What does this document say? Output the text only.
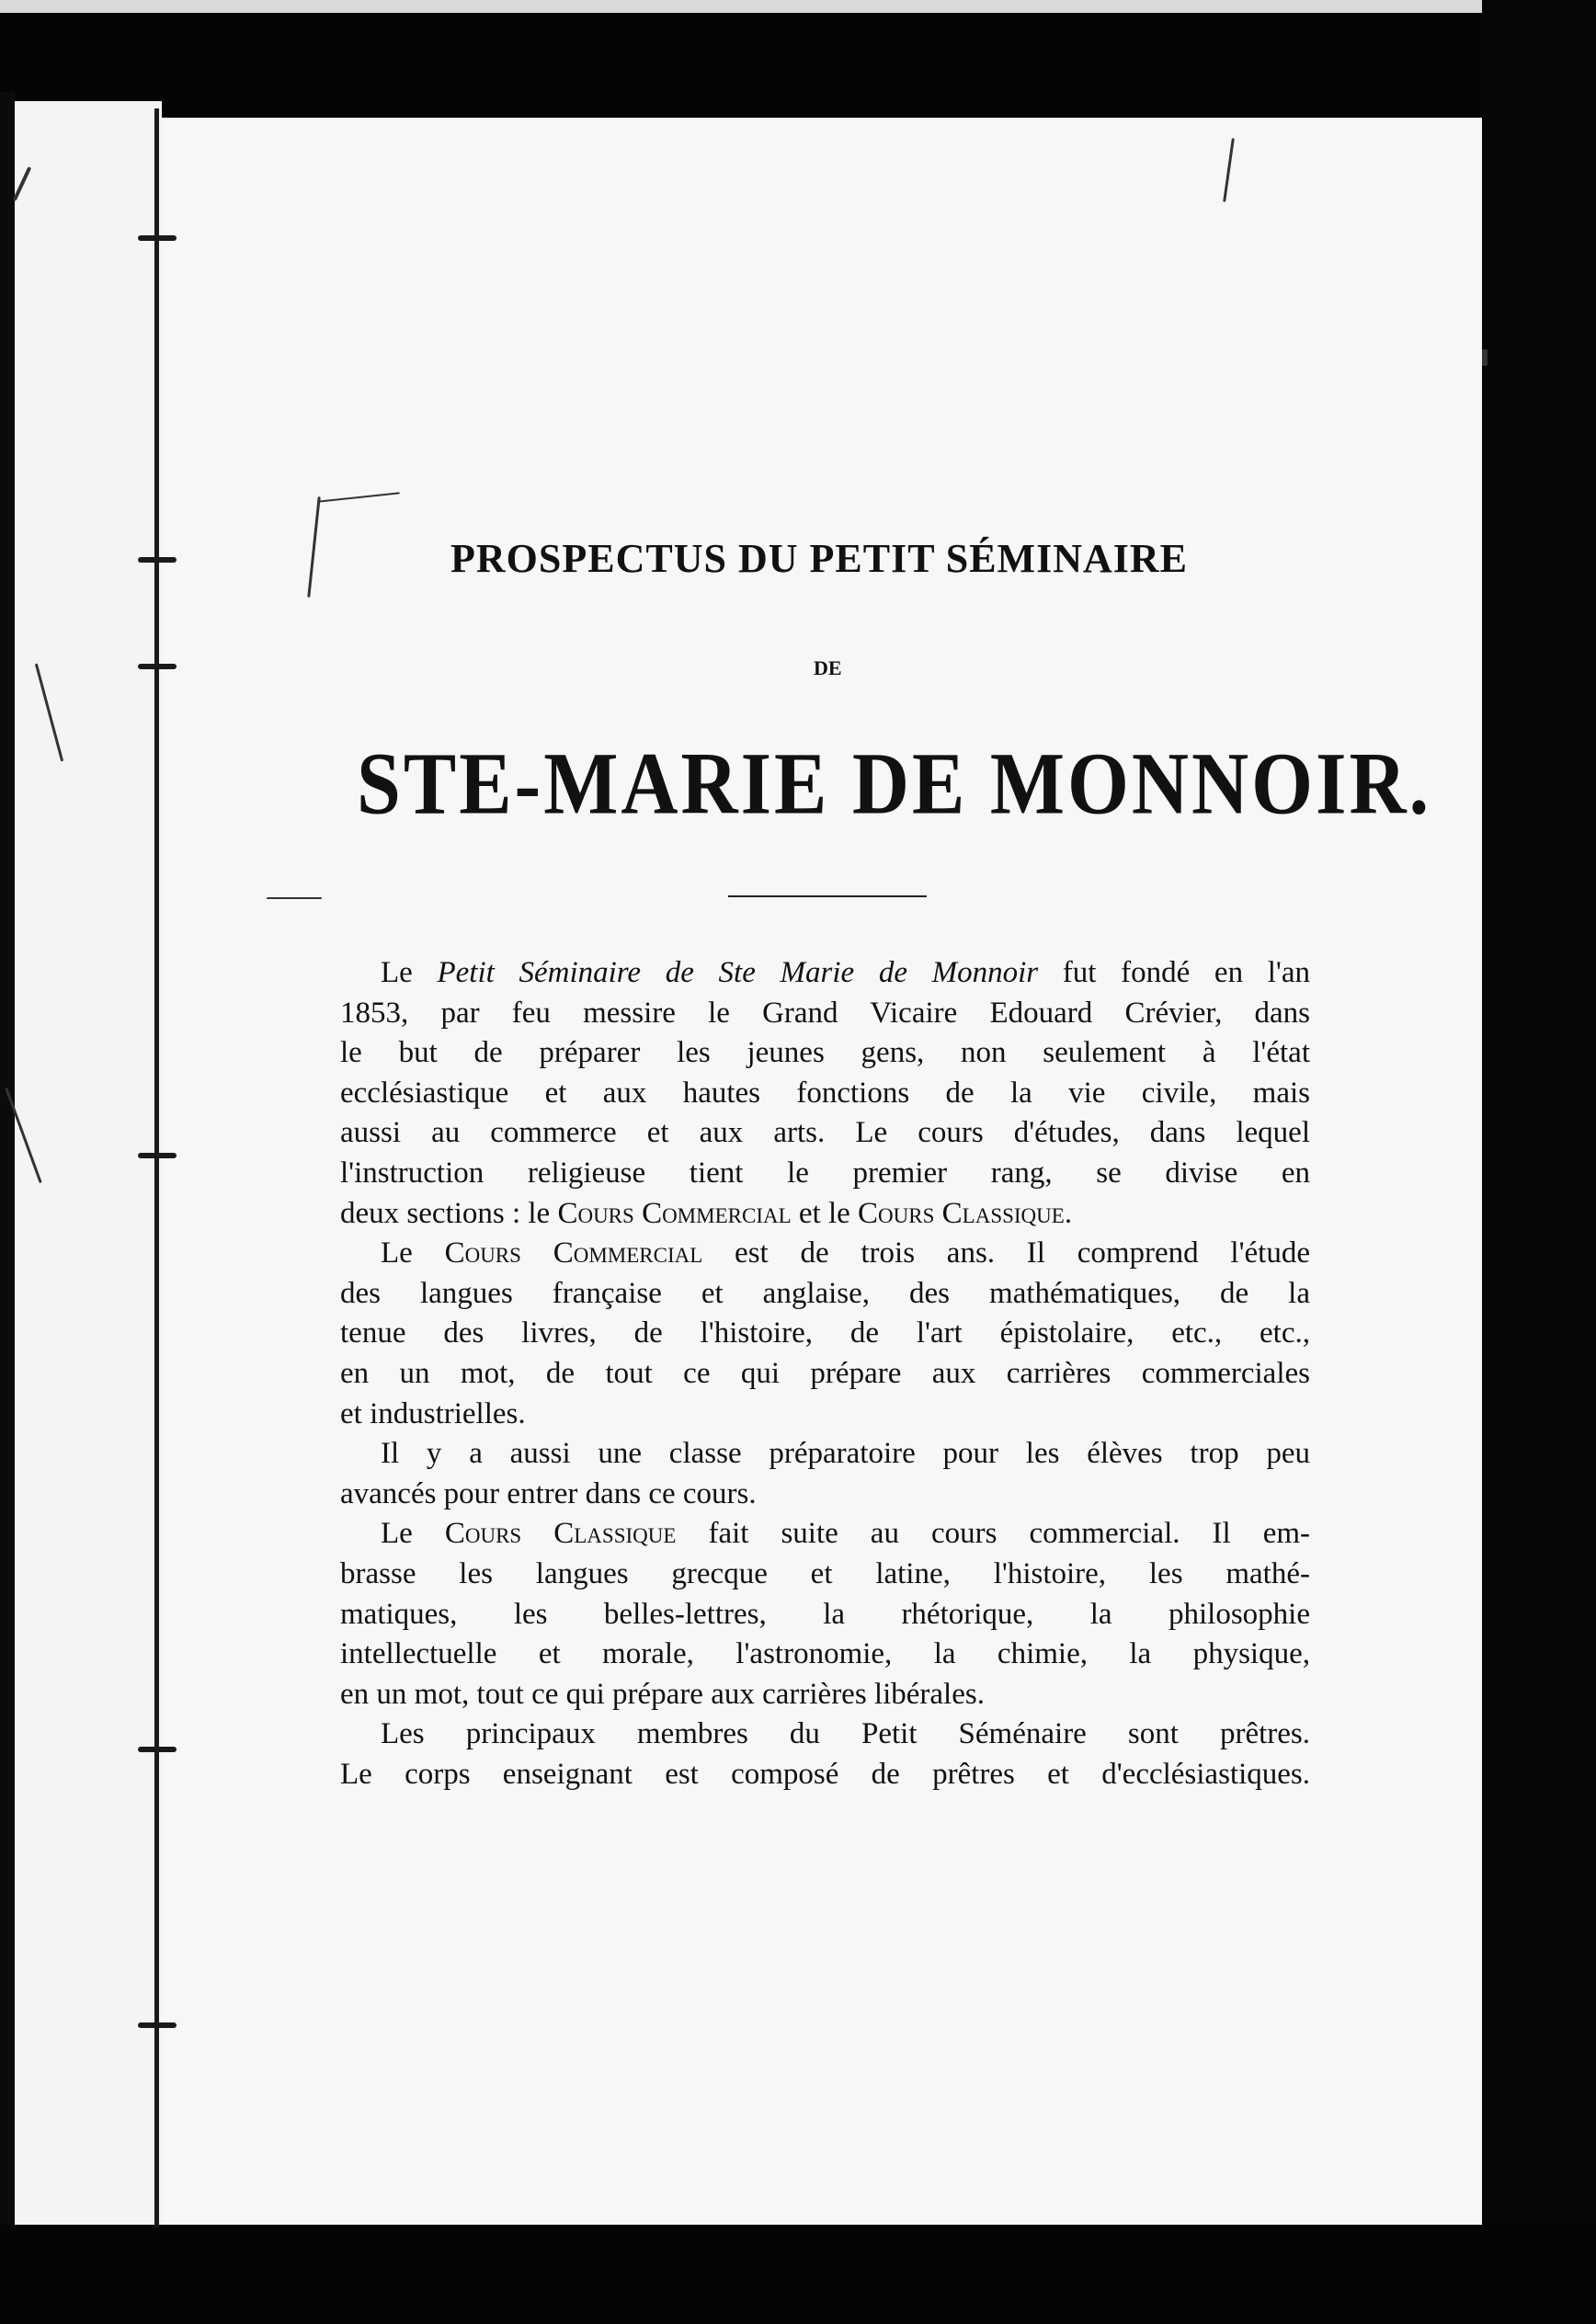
PROSPECTUS DU PETIT SÉMINAIRE
DE
STE-MARIE DE MONNOIR.
Le Petit Séminaire de Ste Marie de Monnoir fut fondé en l'an
1853, par feu messire le Grand Vicaire Edouard Crévier, dans
le but de préparer les jeunes gens, non seulement à l'état
ecclésiastique et aux hautes fonctions de la vie civile, mais
aussi au commerce et aux arts. Le cours d'études, dans lequel
l'instruction religieuse tient le premier rang, se divise en
deux sections : le Cours Commercial et le Cours Classique.
Le Cours Commercial est de trois ans. Il comprend l'étude
des langues française et anglaise, des mathématiques, de la
tenue des livres, de l'histoire, de l'art épistolaire, etc., etc.,
en un mot, de tout ce qui prépare aux carrières commerciales
et industrielles.
Il y a aussi une classe préparatoire pour les élèves trop peu
avancés pour entrer dans ce cours.
Le Cours Classique fait suite au cours commercial. Il em-
brasse les langues grecque et latine, l'histoire, les mathé-
matiques, les belles-lettres, la rhétorique, la philosophie
intellectuelle et morale, l'astronomie, la chimie, la physique,
en un mot, tout ce qui prépare aux carrières libérales.
Les principaux membres du Petit Séménaire sont prêtres.
Le corps enseignant est composé de prêtres et d'ecclésiastiques.
